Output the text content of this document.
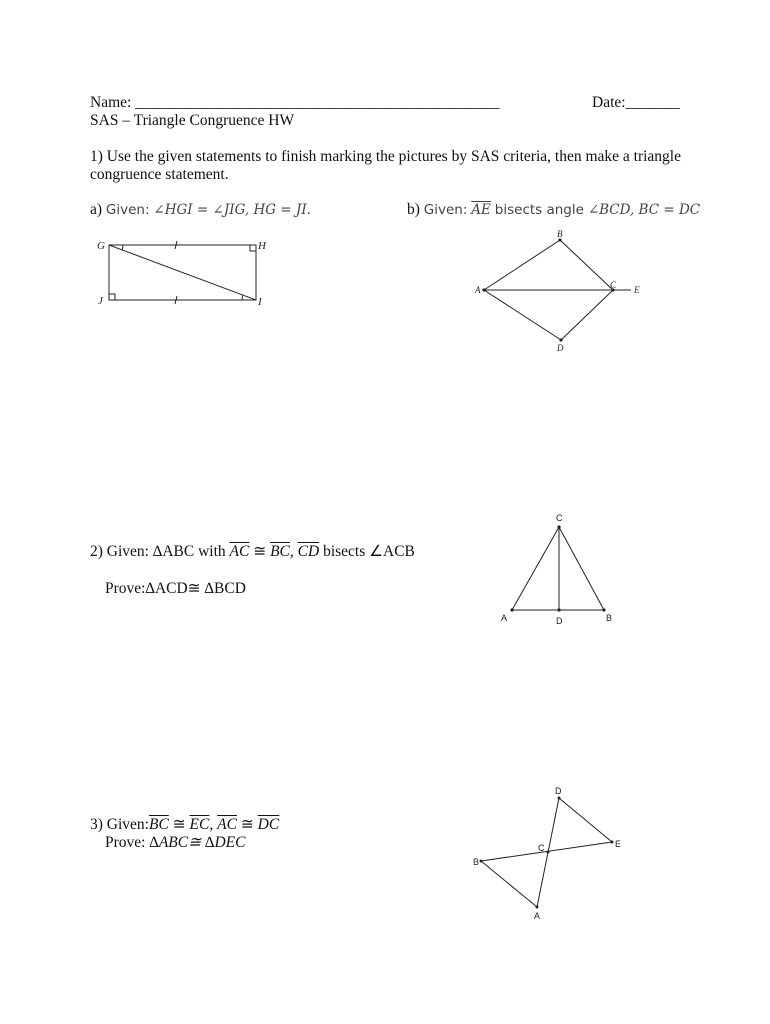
Name: _______________________________________________	Date:_______
SAS – Triangle Congruence HW
1) Use the given statements to finish marking the pictures by SAS criteria, then make a triangle
congruence statement.
a) Given: ∠HGI = ∠JIG, HG = JI.	b) Given: $\overline{AE}$ bisects angle ∠BCD, BC = DC
G	H
J	I
B
A	C E
D
2) Given: ∆ABC with $\overline{AC}$ ≅ $\overline{BC}$, $\overline{CD}$ bisects ∠ACB
Prove:∆ACD≅ ∆BCD
C
A	D	B
3) $Given:\overline{BC}$ ≅ $\overline{EC}$, $\overline{AC}$ ≅ $\overline{DC}$
Prove: ∆ABC≅ ∆DEC
D
C	E
B
A
